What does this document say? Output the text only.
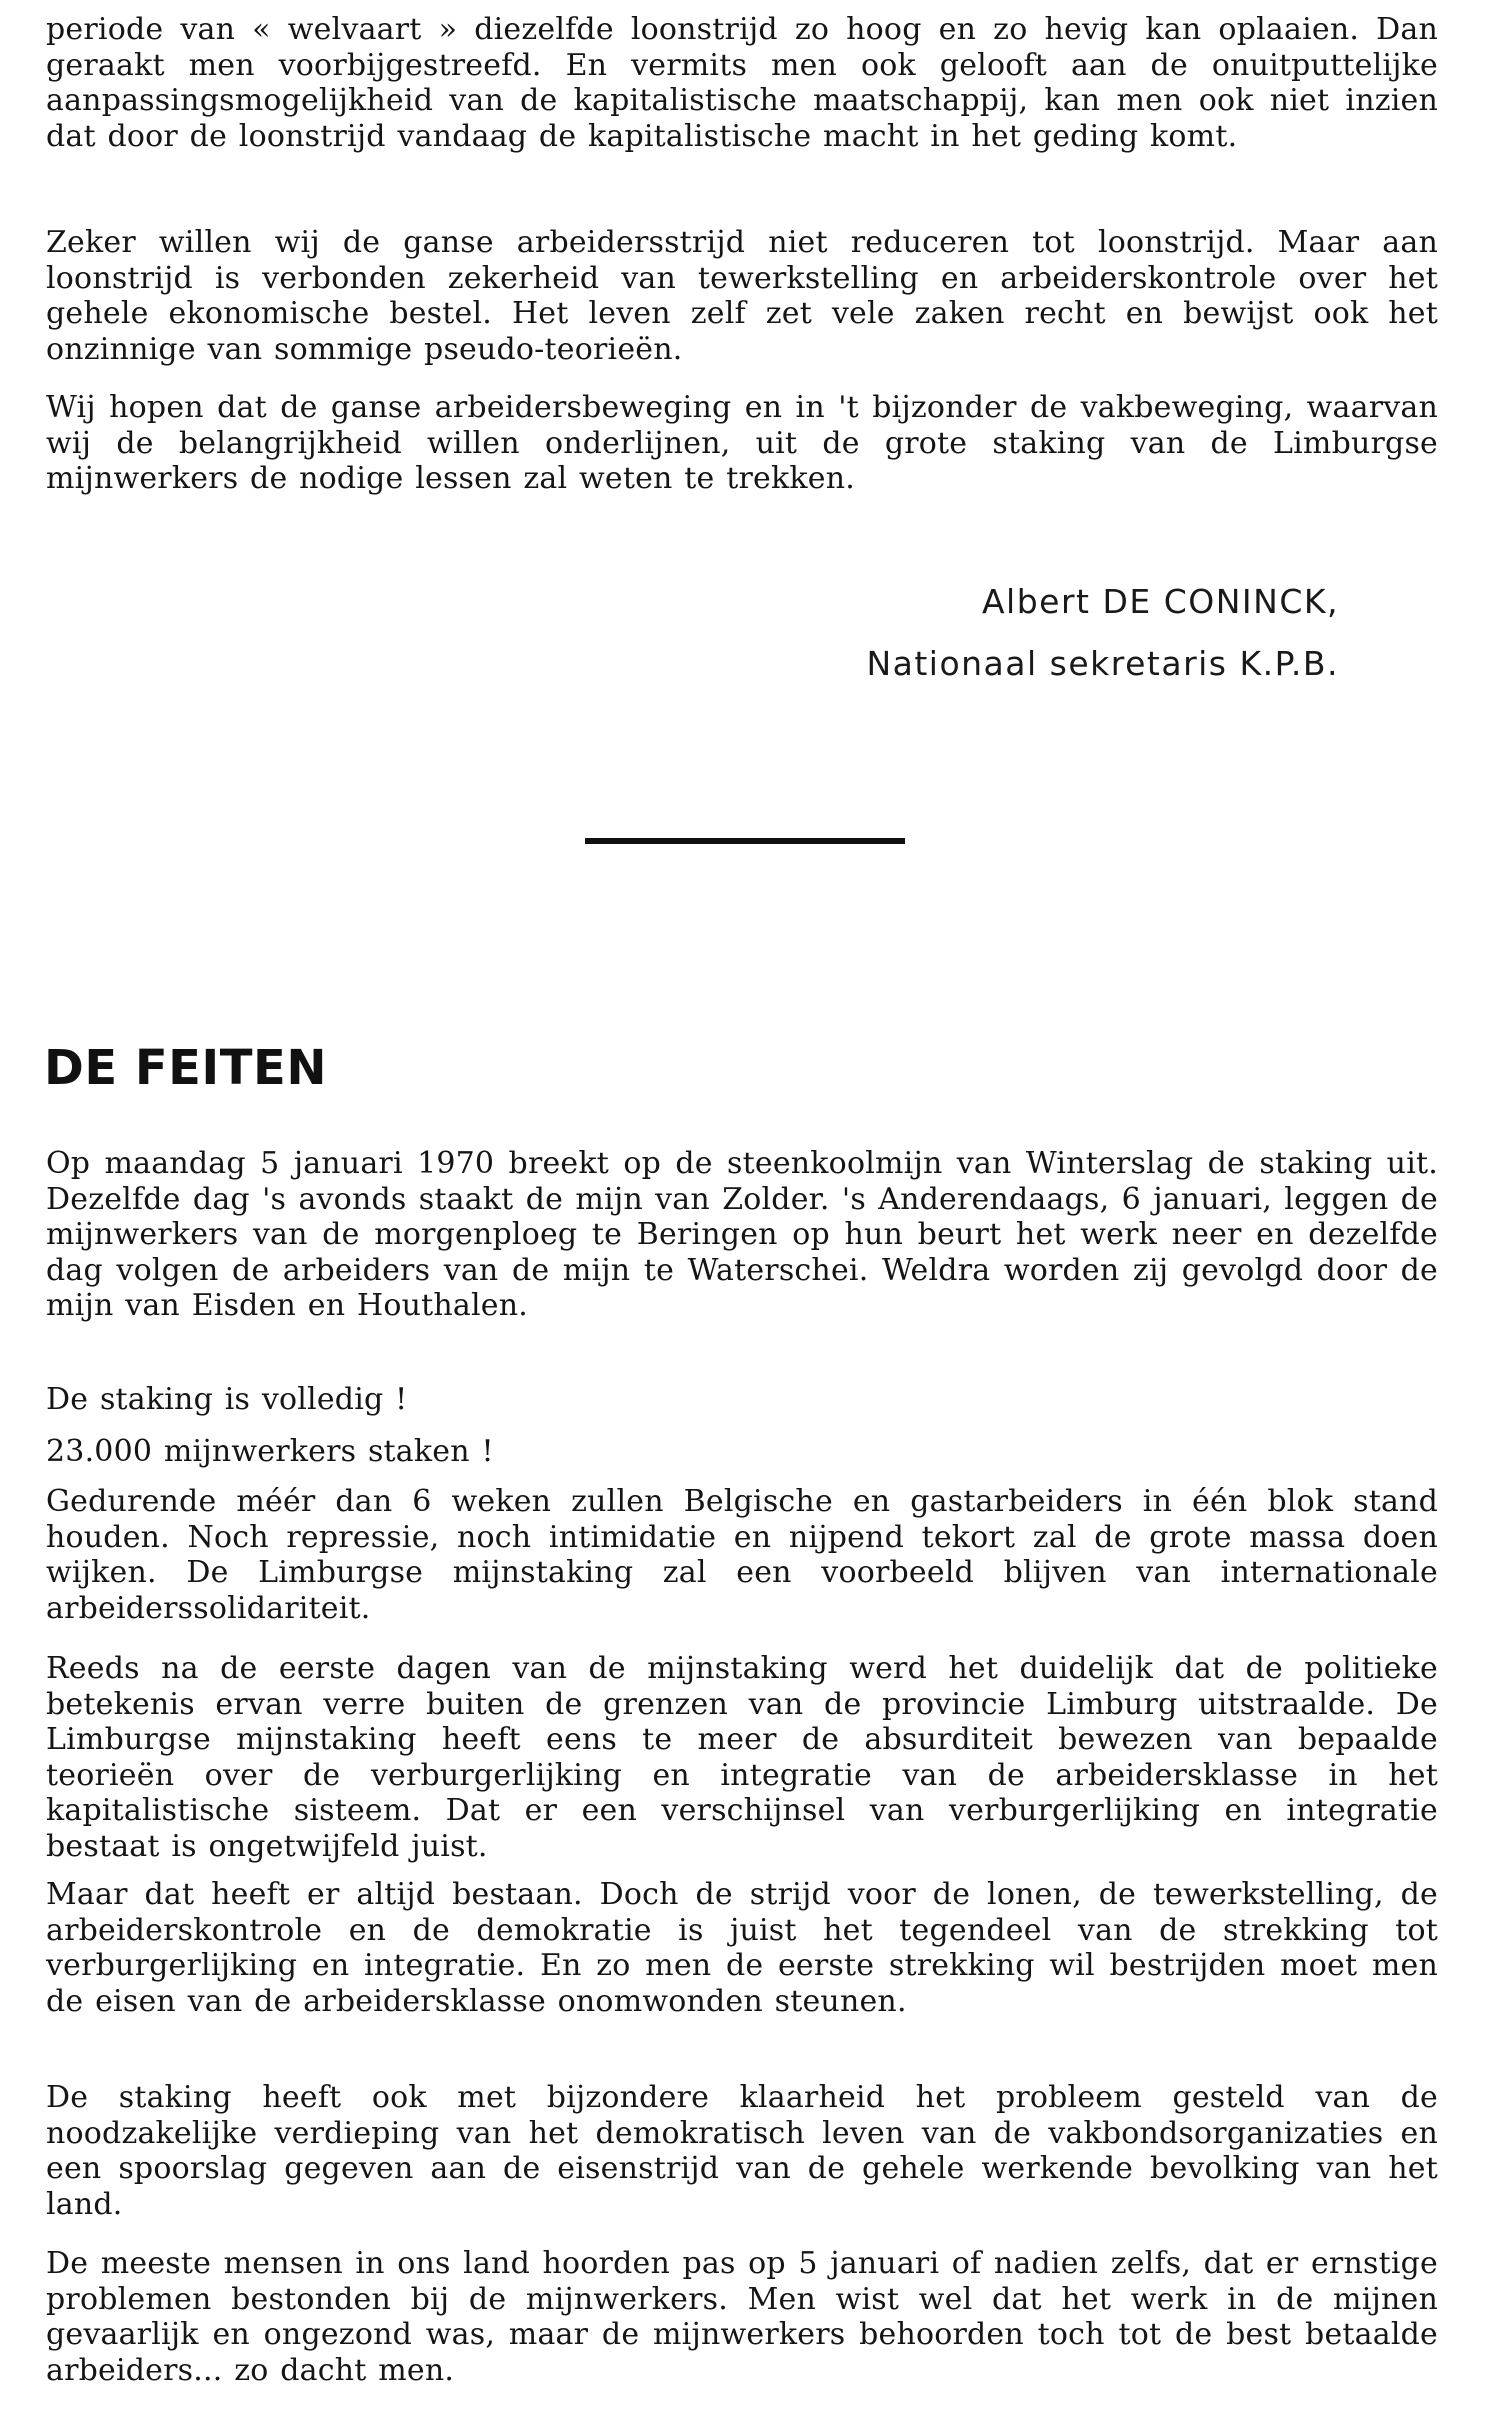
periode van « welvaart » diezelfde loonstrijd zo hoog en zo hevig kan oplaaien. Dan geraakt men voorbijgestreefd. En vermits men ook gelooft aan de onuitputtelijke aanpassingsmogelijkheid van de kapitalistische maatschappij, kan men ook niet inzien dat door de loonstrijd vandaag de kapitalistische macht in het geding komt.

Zeker willen wij de ganse arbeidersstrijd niet reduceren tot loonstrijd. Maar aan loonstrijd is verbonden zekerheid van tewerkstelling en arbeiderskontrole over het gehele ekonomische bestel. Het leven zelf zet vele zaken recht en bewijst ook het onzinnige van sommige pseudo-teorieën.

Wij hopen dat de ganse arbeidersbeweging en in 't bijzonder de vakbeweging, waarvan wij de belangrijkheid willen onderlijnen, uit de grote staking van de Limburgse mijnwerkers de nodige lessen zal weten te trekken.

Albert DE CONINCK,

Nationaal sekretaris K.P.B.

DE FEITEN

Op maandag 5 januari 1970 breekt op de steenkoolmijn van Winterslag de staking uit. Dezelfde dag 's avonds staakt de mijn van Zolder. 's Anderendaags, 6 januari, leggen de mijnwerkers van de morgenploeg te Beringen op hun beurt het werk neer en dezelfde dag volgen de arbeiders van de mijn te Waterschei. Weldra worden zij gevolgd door de mijn van Eisden en Houthalen.

De staking is volledig !

23.000 mijnwerkers staken !

Gedurende méér dan 6 weken zullen Belgische en gastarbeiders in één blok stand houden. Noch repressie, noch intimidatie en nijpend tekort zal de grote massa doen wijken. De Limburgse mijnstaking zal een voorbeeld blijven van internationale arbeiderssolidariteit.

Reeds na de eerste dagen van de mijnstaking werd het duidelijk dat de politieke betekenis ervan verre buiten de grenzen van de provincie Limburg uitstraalde. De Limburgse mijnstaking heeft eens te meer de absurditeit bewezen van bepaalde teorieën over de verburgerlijking en integratie van de arbeidersklasse in het kapitalistische sisteem. Dat er een verschijnsel van verburgerlijking en integratie bestaat is ongetwijfeld juist.

Maar dat heeft er altijd bestaan. Doch de strijd voor de lonen, de tewerkstelling, de arbeiderskontrole en de demokratie is juist het tegendeel van de strekking tot verburgerlijking en integratie. En zo men de eerste strekking wil bestrijden moet men de eisen van de arbeidersklasse onomwonden steunen.

De staking heeft ook met bijzondere klaarheid het probleem gesteld van de noodzakelijke verdieping van het demokratisch leven van de vakbondsorganizaties en een spoorslag gegeven aan de eisenstrijd van de gehele werkende bevolking van het land.

De meeste mensen in ons land hoorden pas op 5 januari of nadien zelfs, dat er ernstige problemen bestonden bij de mijnwerkers. Men wist wel dat het werk in de mijnen gevaarlijk en ongezond was, maar de mijnwerkers behoorden toch tot de best betaalde arbeiders... zo dacht men.
